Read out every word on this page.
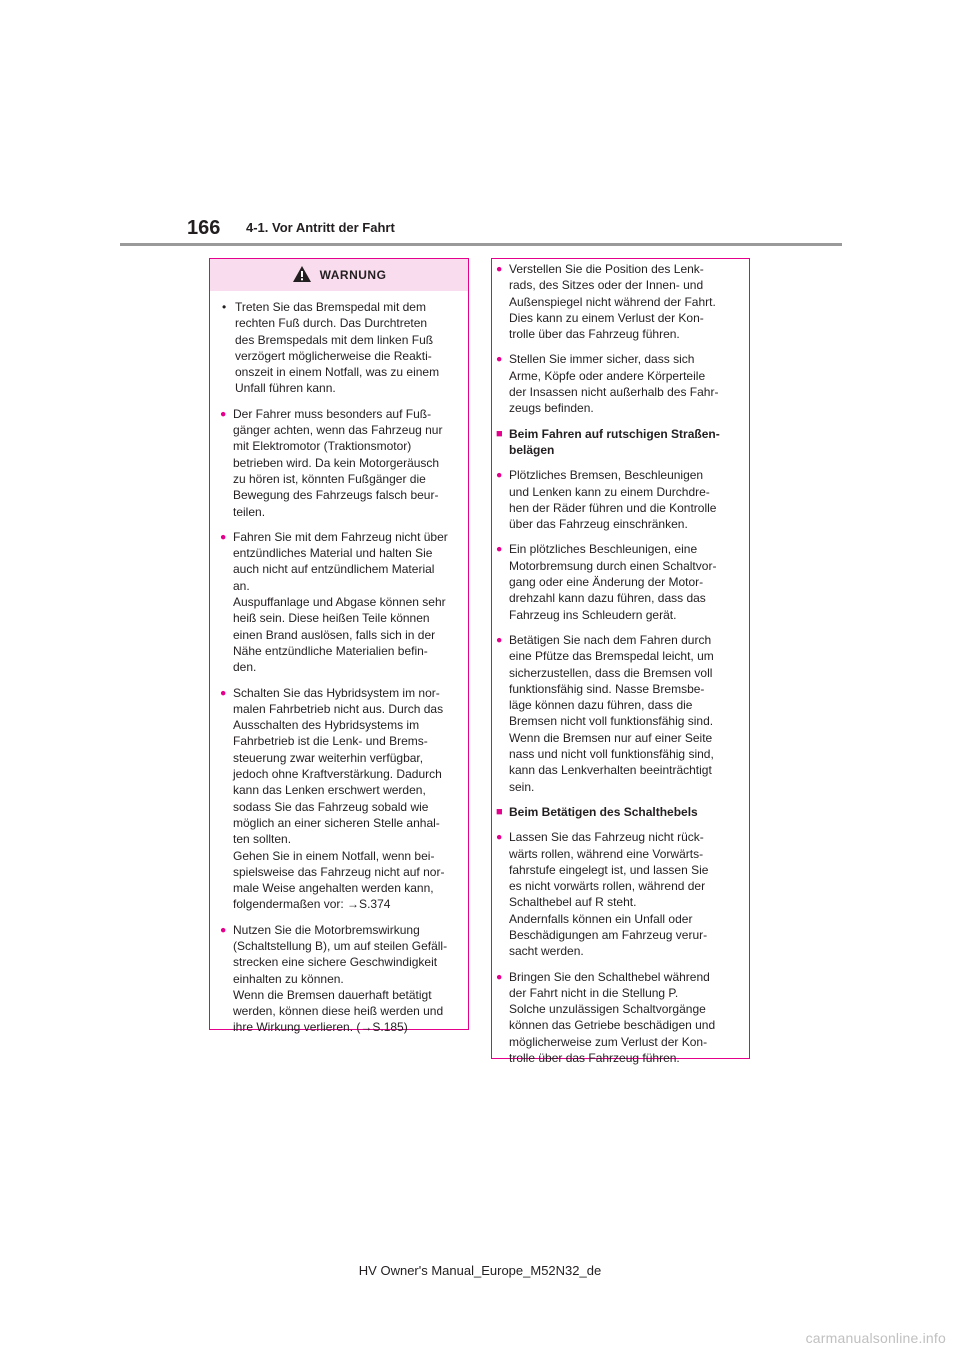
166 4-1. Vor Antritt der Fahrt
WARNUNG
• Treten Sie das Bremspedal mit dem
rechten Fuß durch. Das Durchtreten
des Bremspedals mit dem linken Fuß
verzögert möglicherweise die Reakti-
onszeit in einem Notfall, was zu einem
Unfall führen kann.
● Der Fahrer muss besonders auf Fuß-
gänger achten, wenn das Fahrzeug nur
mit Elektromotor (Traktionsmotor)
betrieben wird. Da kein Motorgeräusch
zu hören ist, könnten Fußgänger die
Bewegung des Fahrzeugs falsch beur-
teilen.
● Fahren Sie mit dem Fahrzeug nicht über
entzündliches Material und halten Sie
auch nicht auf entzündlichem Material
an.
Auspuffanlage und Abgase können sehr
heiß sein. Diese heißen Teile können
einen Brand auslösen, falls sich in der
Nähe entzündliche Materialien befin-
den.
● Schalten Sie das Hybridsystem im nor-
malen Fahrbetrieb nicht aus. Durch das
Ausschalten des Hybridsystems im
Fahrbetrieb ist die Lenk- und Brems-
steuerung zwar weiterhin verfügbar,
jedoch ohne Kraftverstärkung. Dadurch
kann das Lenken erschwert werden,
sodass Sie das Fahrzeug sobald wie
möglich an einer sicheren Stelle anhal-
ten sollten.
Gehen Sie in einem Notfall, wenn bei-
spielsweise das Fahrzeug nicht auf nor-
male Weise angehalten werden kann,
folgendermaßen vor: →S.374
● Nutzen Sie die Motorbremswirkung
(Schaltstellung B), um auf steilen Gefäll-
strecken eine sichere Geschwindigkeit
einhalten zu können.
Wenn die Bremsen dauerhaft betätigt
werden, können diese heiß werden und
ihre Wirkung verlieren. (→S.185)
● Verstellen Sie die Position des Lenk-
rads, des Sitzes oder der Innen- und
Außenspiegel nicht während der Fahrt.
Dies kann zu einem Verlust der Kon-
trolle über das Fahrzeug führen.
● Stellen Sie immer sicher, dass sich
Arme, Köpfe oder andere Körperteile
der Insassen nicht außerhalb des Fahr-
zeugs befinden.
■ Beim Fahren auf rutschigen Straßen-
belägen
● Plötzliches Bremsen, Beschleunigen
und Lenken kann zu einem Durchdre-
hen der Räder führen und die Kontrolle
über das Fahrzeug einschränken.
● Ein plötzliches Beschleunigen, eine
Motorbremsung durch einen Schaltvor-
gang oder eine Änderung der Motor-
drehzahl kann dazu führen, dass das
Fahrzeug ins Schleudern gerät.
● Betätigen Sie nach dem Fahren durch
eine Pfütze das Bremspedal leicht, um
sicherzustellen, dass die Bremsen voll
funktionsfähig sind. Nasse Bremsbe-
läge können dazu führen, dass die
Bremsen nicht voll funktionsfähig sind.
Wenn die Bremsen nur auf einer Seite
nass und nicht voll funktionsfähig sind,
kann das Lenkverhalten beeinträchtigt
sein.
■ Beim Betätigen des Schalthebels
● Lassen Sie das Fahrzeug nicht rück-
wärts rollen, während eine Vorwärts-
fahrstufe eingelegt ist, und lassen Sie
es nicht vorwärts rollen, während der
Schalthebel auf R steht.
Andernfalls können ein Unfall oder
Beschädigungen am Fahrzeug verur-
sacht werden.
● Bringen Sie den Schalthebel während
der Fahrt nicht in die Stellung P.
Solche unzulässigen Schaltvorgänge
können das Getriebe beschädigen und
möglicherweise zum Verlust der Kon-
trolle über das Fahrzeug führen.
HV Owner's Manual_Europe_M52N32_de
carmanualsonline.info
